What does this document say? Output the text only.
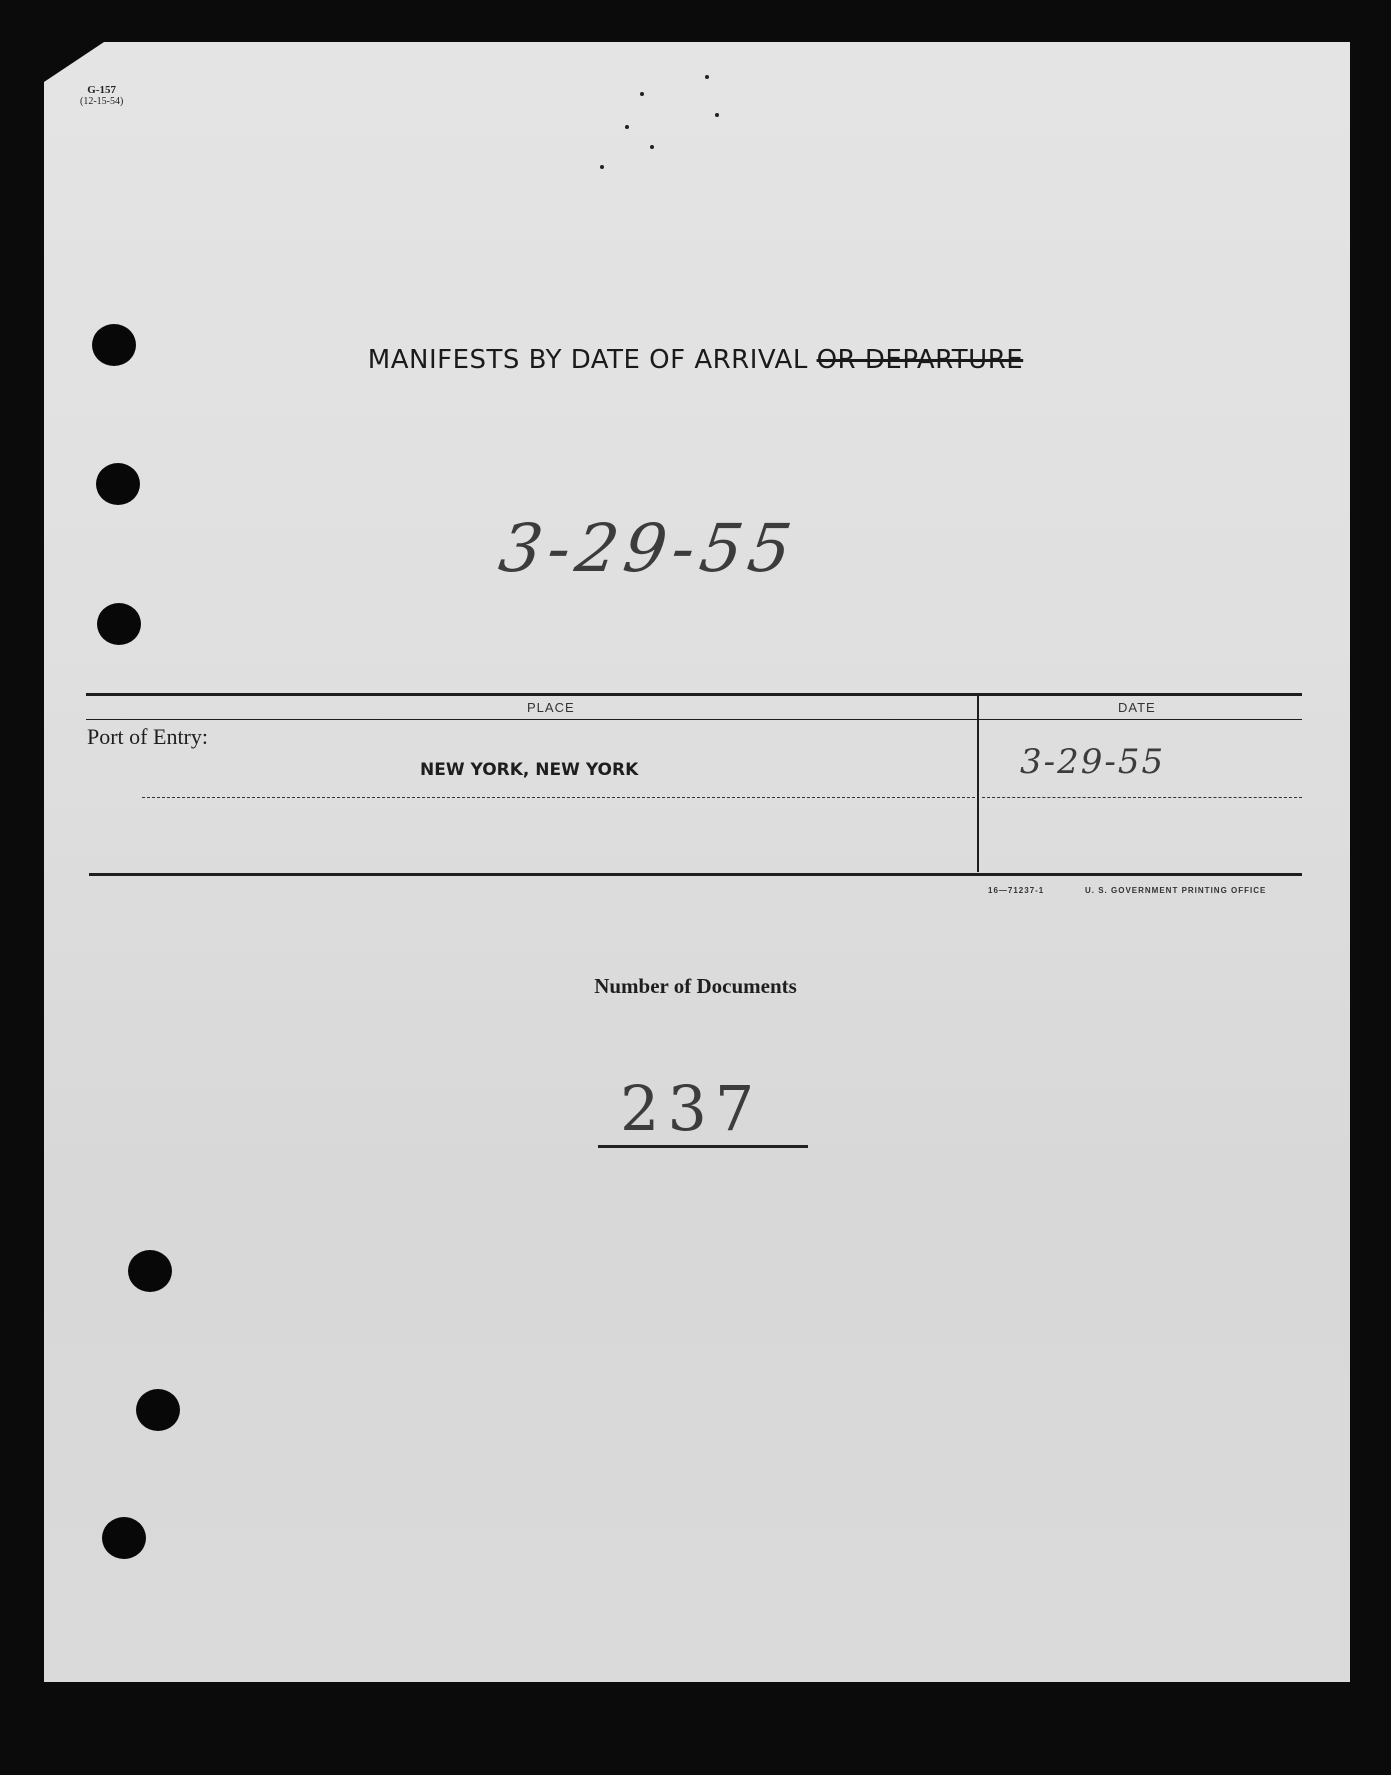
G-157
(12-15-54)
MANIFESTS BY DATE OF ARRIVAL OR DEPARTURE
3-29-55
PLACE	DATE
Port of Entry:
NEW YORK, NEW YORK	3-29-55
16—71237-1	U. S. GOVERNMENT PRINTING OFFICE
Number of Documents
237
